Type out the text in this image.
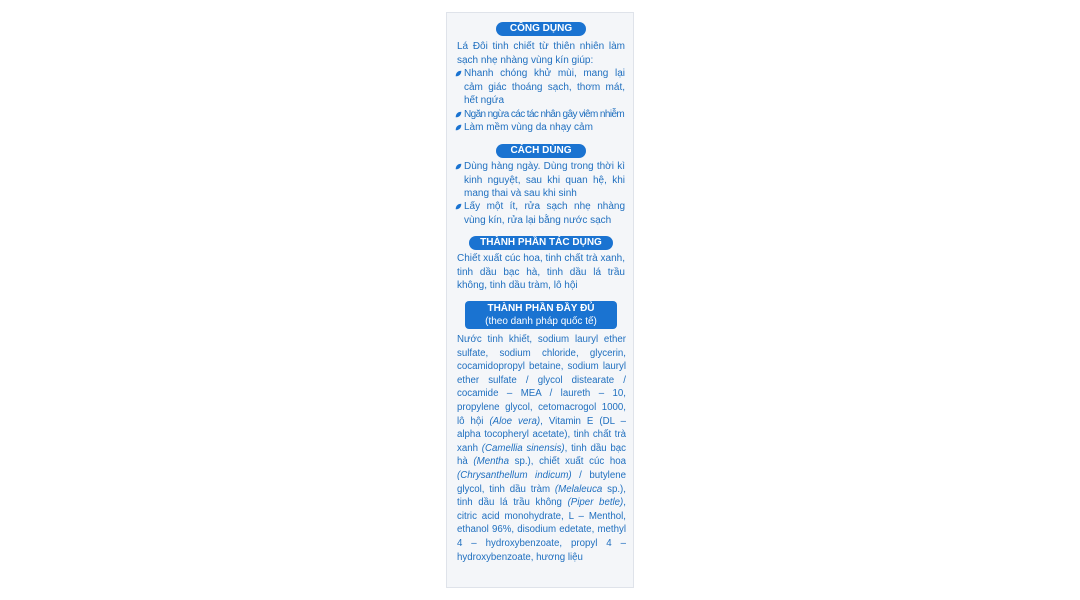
CÔNG DỤNG
Lá Đôi tinh chiết từ thiên nhiên làm sạch nhẹ nhàng vùng kín giúp:
Nhanh chóng khử mùi, mang lại cảm giác thoáng sạch, thơm mát, hết ngứa
Ngăn ngừa các tác nhân gây viêm nhiễm
Làm mềm vùng da nhạy cảm
CÁCH DÙNG
Dùng hàng ngày. Dùng trong thời kì kinh nguyệt, sau khi quan hệ, khi mang thai và sau khi sinh
Lấy một ít, rửa sạch nhẹ nhàng vùng kín, rửa lại bằng nước sạch
THÀNH PHẦN TÁC DỤNG
Chiết xuất cúc hoa, tinh chất trà xanh, tinh dầu bạc hà, tinh dầu lá trầu không, tinh dầu tràm, lô hội
THÀNH PHẦN ĐẦY ĐỦ
(theo danh pháp quốc tế)
Nước tinh khiết, sodium lauryl ether sulfate, sodium chloride, glycerin, cocamidopropyl betaine, sodium lauryl ether sulfate / glycol distearate / cocamide – MEA / laureth – 10, propylene glycol, cetomacrogol 1000, lô hội (Aloe vera), Vitamin E (DL – alpha tocopheryl acetate), tinh chất trà xanh (Camellia sinensis), tinh dầu bạc hà (Mentha sp.), chiết xuất cúc hoa (Chrysanthellum indicum) / butylene glycol, tinh dầu tràm (Melaleuca sp.), tinh dầu lá trầu không (Piper betle), citric acid monohydrate, L – Menthol, ethanol 96%, disodium edetate, methyl 4 – hydroxybenzoate, propyl 4 – hydroxybenzoate, hương liệu
